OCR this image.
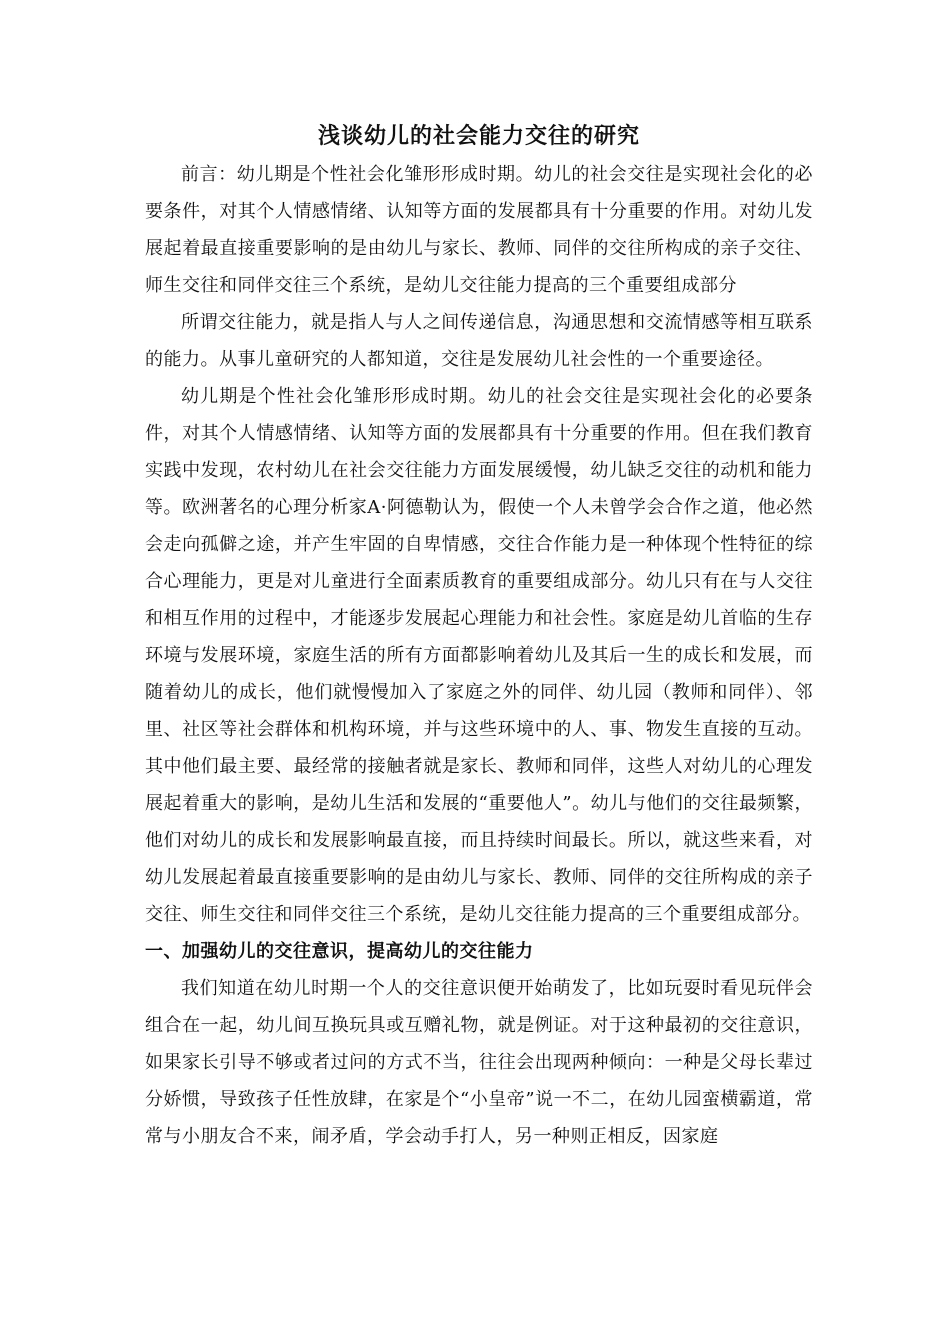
浅谈幼儿的社会能力交往的研究

前言：幼儿期是个性社会化雏形形成时期。幼儿的社会交往是实现社会化的必要条件，对其个人情感情绪、认知等方面的发展都具有十分重要的作用。对幼儿发展起着最直接重要影响的是由幼儿与家长、教师、同伴的交往所构成的亲子交往、师生交往和同伴交往三个系统，是幼儿交往能力提高的三个重要组成部分

所谓交往能力，就是指人与人之间传递信息，沟通思想和交流情感等相互联系的能力。从事儿童研究的人都知道，交往是发展幼儿社会性的一个重要途径。

幼儿期是个性社会化雏形形成时期。幼儿的社会交往是实现社会化的必要条件，对其个人情感情绪、认知等方面的发展都具有十分重要的作用。但在我们教育实践中发现，农村幼儿在社会交往能力方面发展缓慢，幼儿缺乏交往的动机和能力等。欧洲著名的心理分析家A·阿德勒认为，假使一个人未曾学会合作之道，他必然会走向孤僻之途，并产生牢固的自卑情感，交往合作能力是一种体现个性特征的综合心理能力，更是对儿童进行全面素质教育的重要组成部分。幼儿只有在与人交往和相互作用的过程中，才能逐步发展起心理能力和社会性。家庭是幼儿首临的生存环境与发展环境，家庭生活的所有方面都影响着幼儿及其后一生的成长和发展，而随着幼儿的成长，他们就慢慢加入了家庭之外的同伴、幼儿园（教师和同伴）、邻里、社区等社会群体和机构环境，并与这些环境中的人、事、物发生直接的互动。其中他们最主要、最经常的接触者就是家长、教师和同伴，这些人对幼儿的心理发展起着重大的影响，是幼儿生活和发展的“重要他人”。幼儿与他们的交往最频繁，他们对幼儿的成长和发展影响最直接，而且持续时间最长。所以，就这些来看，对幼儿发展起着最直接重要影响的是由幼儿与家长、教师、同伴的交往所构成的亲子交往、师生交往和同伴交往三个系统，是幼儿交往能力提高的三个重要组成部分。

一、加强幼儿的交往意识，提高幼儿的交往能力

我们知道在幼儿时期一个人的交往意识便开始萌发了，比如玩耍时看见玩伴会组合在一起，幼儿间互换玩具或互赠礼物，就是例证。对于这种最初的交往意识，如果家长引导不够或者过问的方式不当，往往会出现两种倾向：一种是父母长辈过分娇惯，导致孩子任性放肆，在家是个“小皇帝”说一不二，在幼儿园蛮横霸道，常常与小朋友合不来，闹矛盾，学会动手打人，另一种则正相反，因家庭
